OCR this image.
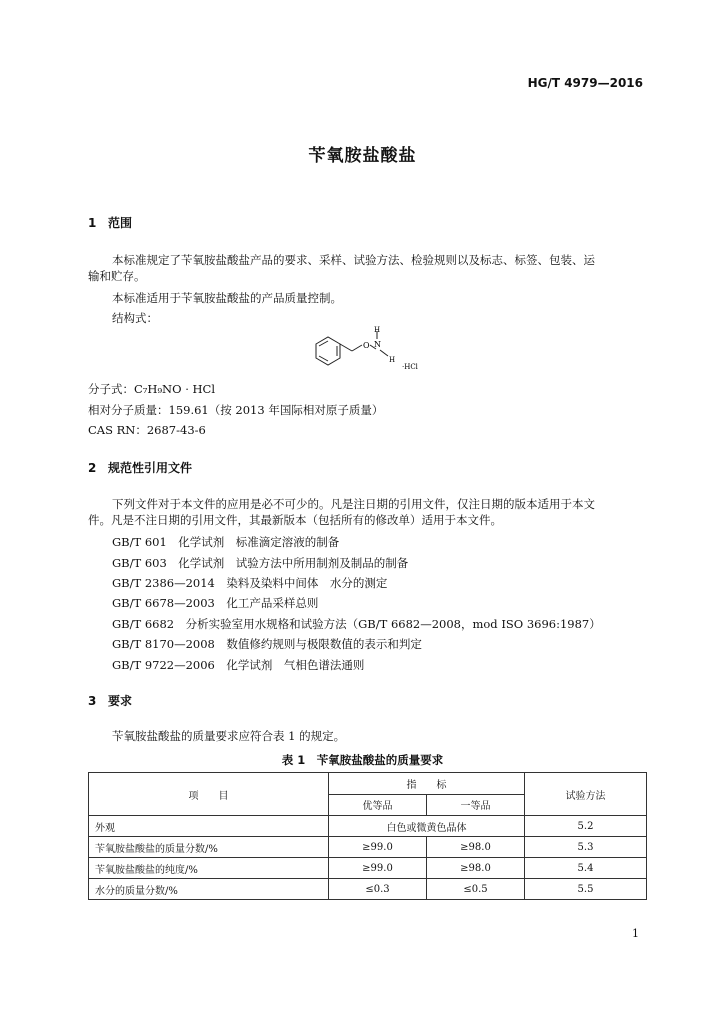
HG/T 4979—2016
苄氧胺盐酸盐
1 范围
本标准规定了苄氧胺盐酸盐产品的要求、采样、试验方法、检验规则以及标志、标签、包装、运
输和贮存。
本标准适用于苄氧胺盐酸盐的产品质量控制。
结构式：
O N
H
H
·HCl
分子式：C₇H₉NO · HCl
相对分子质量：159.61（按 2013 年国际相对原子质量）
CAS RN：2687-43-6
2 规范性引用文件
下列文件对于本文件的应用是必不可少的。凡是注日期的引用文件，仅注日期的版本适用于本文
件。凡是不注日期的引用文件，其最新版本（包括所有的修改单）适用于本文件。
GB/T 601　化学试剂　标准滴定溶液的制备
GB/T 603　化学试剂　试验方法中所用制剂及制品的制备
GB/T 2386—2014　染料及染料中间体　水分的测定
GB/T 6678—2003　化工产品采样总则
GB/T 6682　分析实验室用水规格和试验方法（GB/T 6682—2008，mod ISO 3696:1987）
GB/T 8170—2008　数值修约规则与极限数值的表示和判定
GB/T 9722—2006　化学试剂　气相色谱法通则
3 要求
苄氧胺盐酸盐的质量要求应符合表 1 的规定。
表 1　苄氧胺盐酸盐的质量要求
项　　目	指　　标		试验方法
	优等品	一等品	
外观	白色或微黄色晶体		5.2
苄氧胺盐酸盐的质量分数/%	≥99.0	≥98.0	5.3
苄氧胺盐酸盐的纯度/%	≥99.0	≥98.0	5.4
水分的质量分数/%	≤0.3	≤0.5	5.5
1
